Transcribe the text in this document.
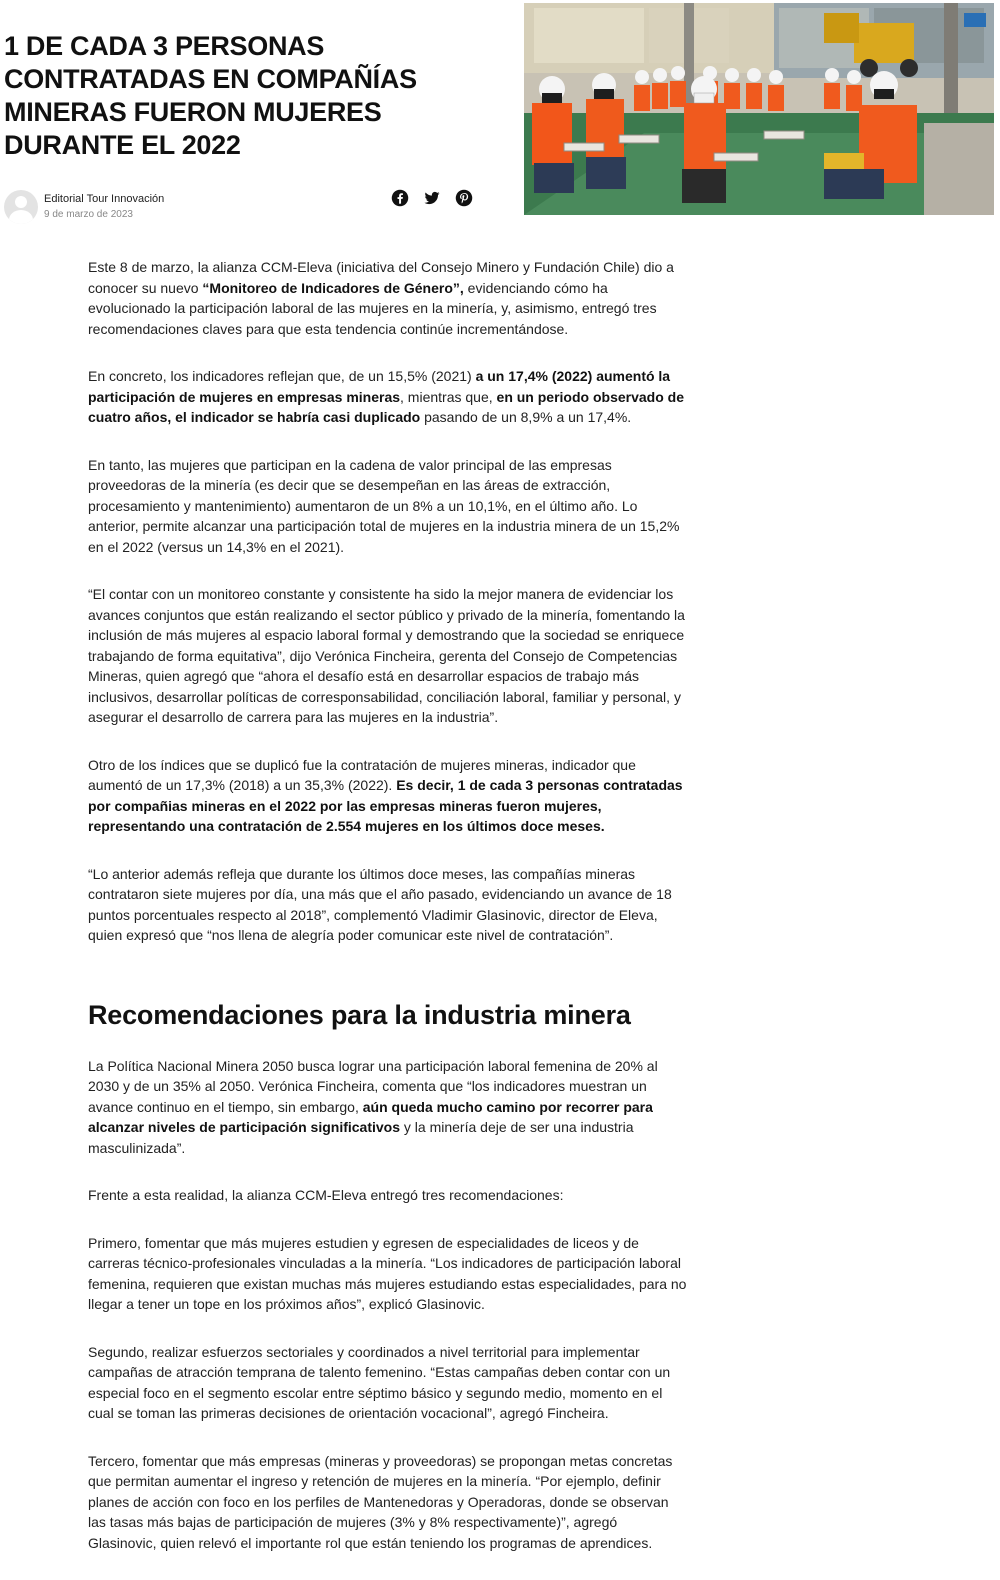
1 DE CADA 3 PERSONAS CONTRATADAS EN COMPAÑÍAS MINERAS FUERON MUJERES DURANTE EL 2022
Editorial Tour Innovación
9 de marzo de 2023

Este 8 de marzo, la alianza CCM-Eleva (iniciativa del Consejo Minero y Fundación Chile) dio a conocer su nuevo “Monitoreo de Indicadores de Género”, evidenciando cómo ha evolucionado la participación laboral de las mujeres en la minería, y, asimismo, entregó tres recomendaciones claves para que esta tendencia continúe incrementándose.

En concreto, los indicadores reflejan que, de un 15,5% (2021) a un 17,4% (2022) aumentó la participación de mujeres en empresas mineras, mientras que, en un periodo observado de cuatro años, el indicador se habría casi duplicado pasando de un 8,9% a un 17,4%.

En tanto, las mujeres que participan en la cadena de valor principal de las empresas proveedoras de la minería (es decir que se desempeñan en las áreas de extracción, procesamiento y mantenimiento) aumentaron de un 8% a un 10,1%, en el último año. Lo anterior, permite alcanzar una participación total de mujeres en la industria minera de un 15,2% en el 2022 (versus un 14,3% en el 2021).

“El contar con un monitoreo constante y consistente ha sido la mejor manera de evidenciar los avances conjuntos que están realizando el sector público y privado de la minería, fomentando la inclusión de más mujeres al espacio laboral formal y demostrando que la sociedad se enriquece trabajando de forma equitativa”, dijo Verónica Fincheira, gerenta del Consejo de Competencias Mineras, quien agregó que “ahora el desafío está en desarrollar espacios de trabajo más inclusivos, desarrollar políticas de corresponsabilidad, conciliación laboral, familiar y personal, y asegurar el desarrollo de carrera para las mujeres en la industria”.

Otro de los índices que se duplicó fue la contratación de mujeres mineras, indicador que aumentó de un 17,3% (2018) a un 35,3% (2022). Es decir, 1 de cada 3 personas contratadas por compañias mineras en el 2022 por las empresas mineras fueron mujeres, representando una contratación de 2.554 mujeres en los últimos doce meses.

“Lo anterior además refleja que durante los últimos doce meses, las compañías mineras contrataron siete mujeres por día, una más que el año pasado, evidenciando un avance de 18 puntos porcentuales respecto al 2018”, complementó Vladimir Glasinovic, director de Eleva, quien expresó que “nos llena de alegría poder comunicar este nivel de contratación”.

Recomendaciones para la industria minera

La Política Nacional Minera 2050 busca lograr una participación laboral femenina de 20% al 2030 y de un 35% al 2050. Verónica Fincheira, comenta que “los indicadores muestran un avance continuo en el tiempo, sin embargo, aún queda mucho camino por recorrer para alcanzar niveles de participación significativos y la minería deje de ser una industria masculinizada”.

Frente a esta realidad, la alianza CCM-Eleva entregó tres recomendaciones:

Primero, fomentar que más mujeres estudien y egresen de especialidades de liceos y de carreras técnico-profesionales vinculadas a la minería. “Los indicadores de participación laboral femenina, requieren que existan muchas más mujeres estudiando estas especialidades, para no llegar a tener un tope en los próximos años”, explicó Glasinovic.

Segundo, realizar esfuerzos sectoriales y coordinados a nivel territorial para implementar campañas de atracción temprana de talento femenino. “Estas campañas deben contar con un especial foco en el segmento escolar entre séptimo básico y segundo medio, momento en el cual se toman las primeras decisiones de orientación vocacional”, agregó Fincheira.

Tercero, fomentar que más empresas (mineras y proveedoras) se propongan metas concretas que permitan aumentar el ingreso y retención de mujeres en la minería. “Por ejemplo, definir planes de acción con foco en los perfiles de Mantenedoras y Operadoras, donde se observan las tasas más bajas de participación de mujeres (3% y 8% respectivamente)”, agregó Glasinovic, quien relevó el importante rol que están teniendo los programas de aprendices.
